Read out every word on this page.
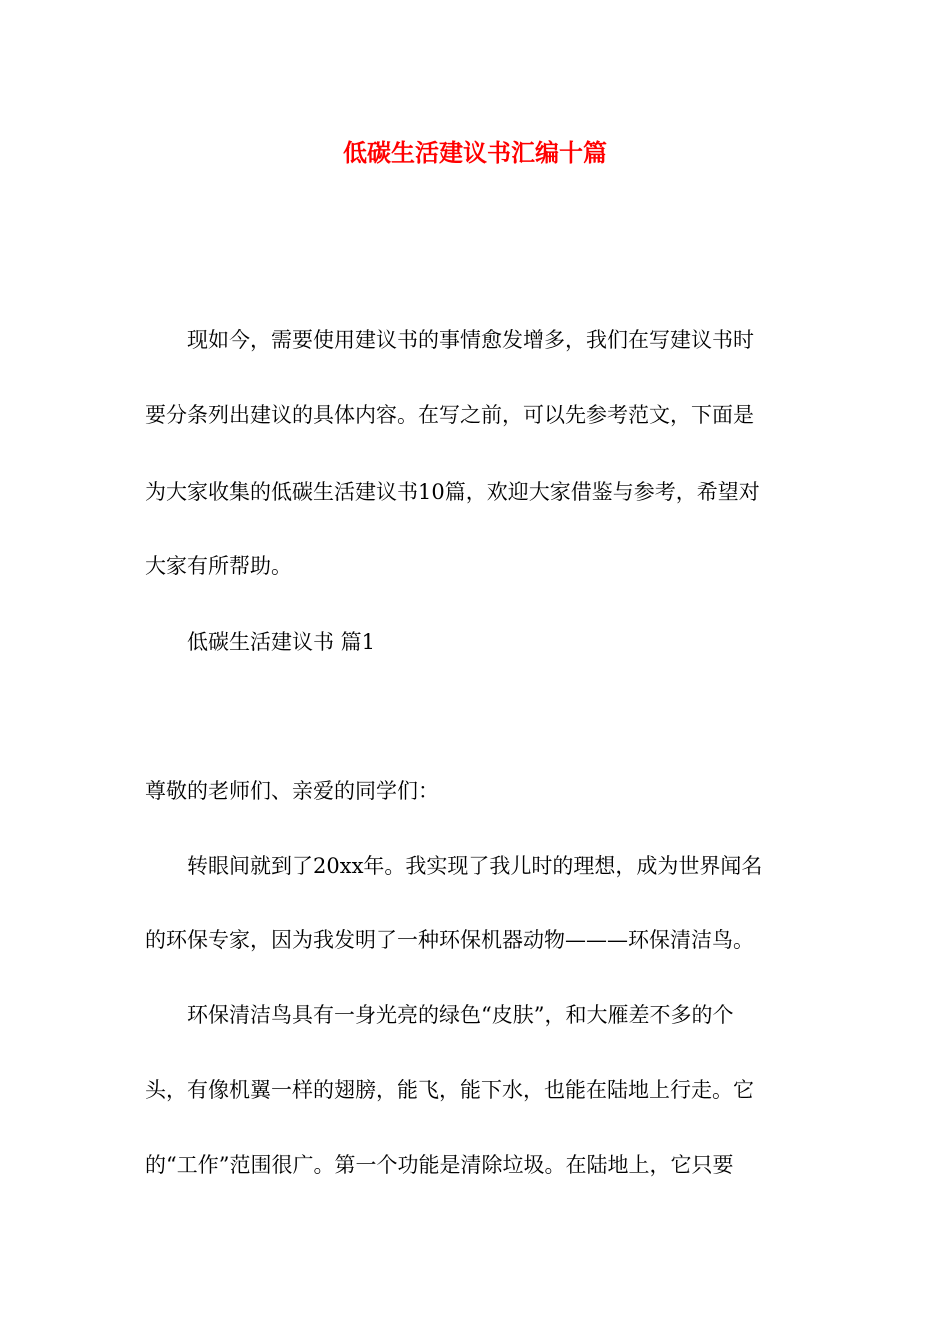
低碳生活建议书汇编十篇

现如今，需要使用建议书的事情愈发增多，我们在写建议书时

要分条列出建议的具体内容。在写之前，可以先参考范文，下面是

为大家收集的低碳生活建议书10篇，欢迎大家借鉴与参考，希望对

大家有所帮助。

低碳生活建议书 篇1

尊敬的老师们、亲爱的同学们：

转眼间就到了20xx年。我实现了我儿时的理想，成为世界闻名

的环保专家，因为我发明了一种环保机器动物———环保清洁鸟。

环保清洁鸟具有一身光亮的绿色“皮肤”，和大雁差不多的个

头，有像机翼一样的翅膀，能飞，能下水，也能在陆地上行走。它

的“工作”范围很广。第一个功能是清除垃圾。在陆地上，它只要
